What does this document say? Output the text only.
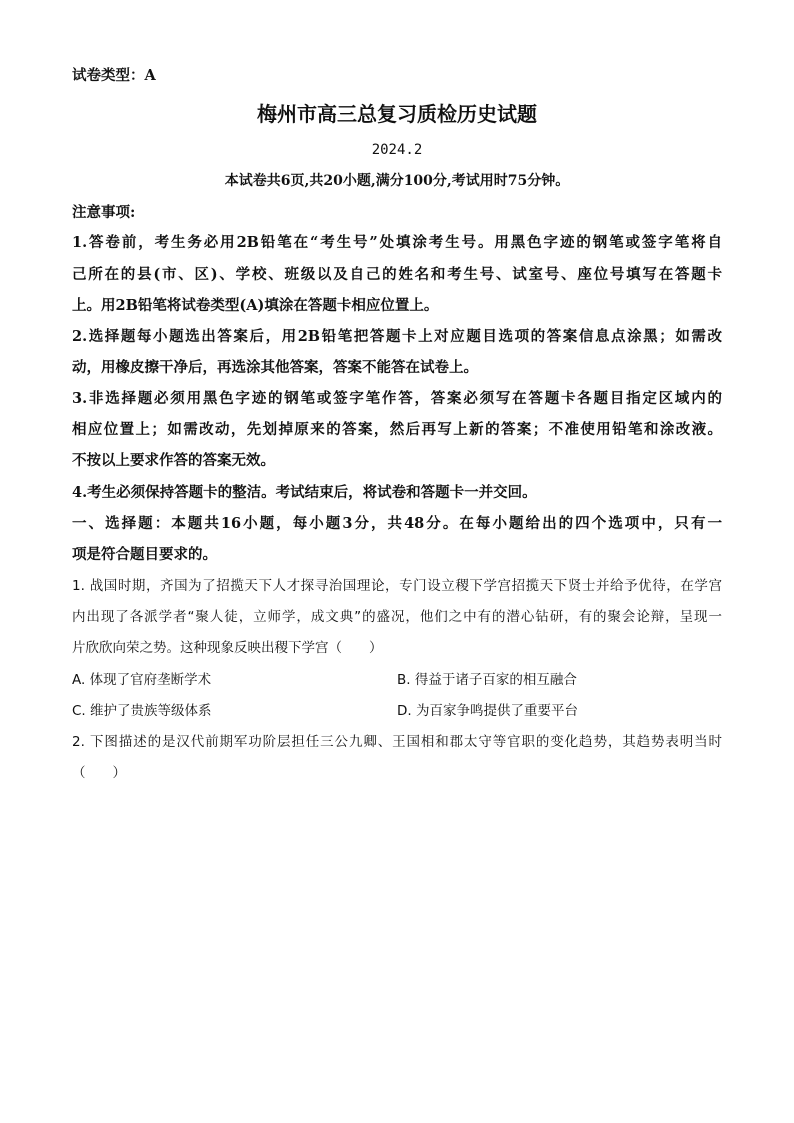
试卷类型：A
梅州市高三总复习质检历史试题
2024.2
本试卷共6页,共20小题,满分100分,考试用时75分钟。
注意事项:
1.答卷前，考生务必用2B铅笔在“考生号”处填涂考生号。用黑色字迹的钢笔或签字笔将自
己所在的县(市、区)、学校、班级以及自己的姓名和考生号、试室号、座位号填写在答题卡
上。用2B铅笔将试卷类型(A)填涂在答题卡相应位置上。
2.选择题每小题选出答案后，用2B铅笔把答题卡上对应题目选项的答案信息点涂黑；如需改
动，用橡皮擦干净后，再选涂其他答案，答案不能答在试卷上。
3.非选择题必须用黑色字迹的钢笔或签字笔作答，答案必须写在答题卡各题目指定区域内的
相应位置上；如需改动，先划掉原来的答案，然后再写上新的答案；不准使用铅笔和涂改液。
不按以上要求作答的答案无效。
4.考生必须保持答题卡的整洁。考试结束后，将试卷和答题卡一并交回。
一、选择题：本题共16小题，每小题3分，共48分。在每小题给出的四个选项中，只有一
项是符合题目要求的。
1. 战国时期，齐国为了招揽天下人才探寻治国理论，专门设立稷下学宫招揽天下贤士并给予优待，在学宫
内出现了各派学者“聚人徒，立师学，成文典”的盛况，他们之中有的潜心钻研，有的聚会论辩，呈现一
片欣欣向荣之势。这种现象反映出稷下学宫（　　）
A. 体现了官府垄断学术	B. 得益于诸子百家的相互融合
C. 维护了贵族等级体系	D. 为百家争鸣提供了重要平台
2. 下图描述的是汉代前期军功阶层担任三公九卿、王国相和郡太守等官职的变化趋势，其趋势表明当时
（　　）
